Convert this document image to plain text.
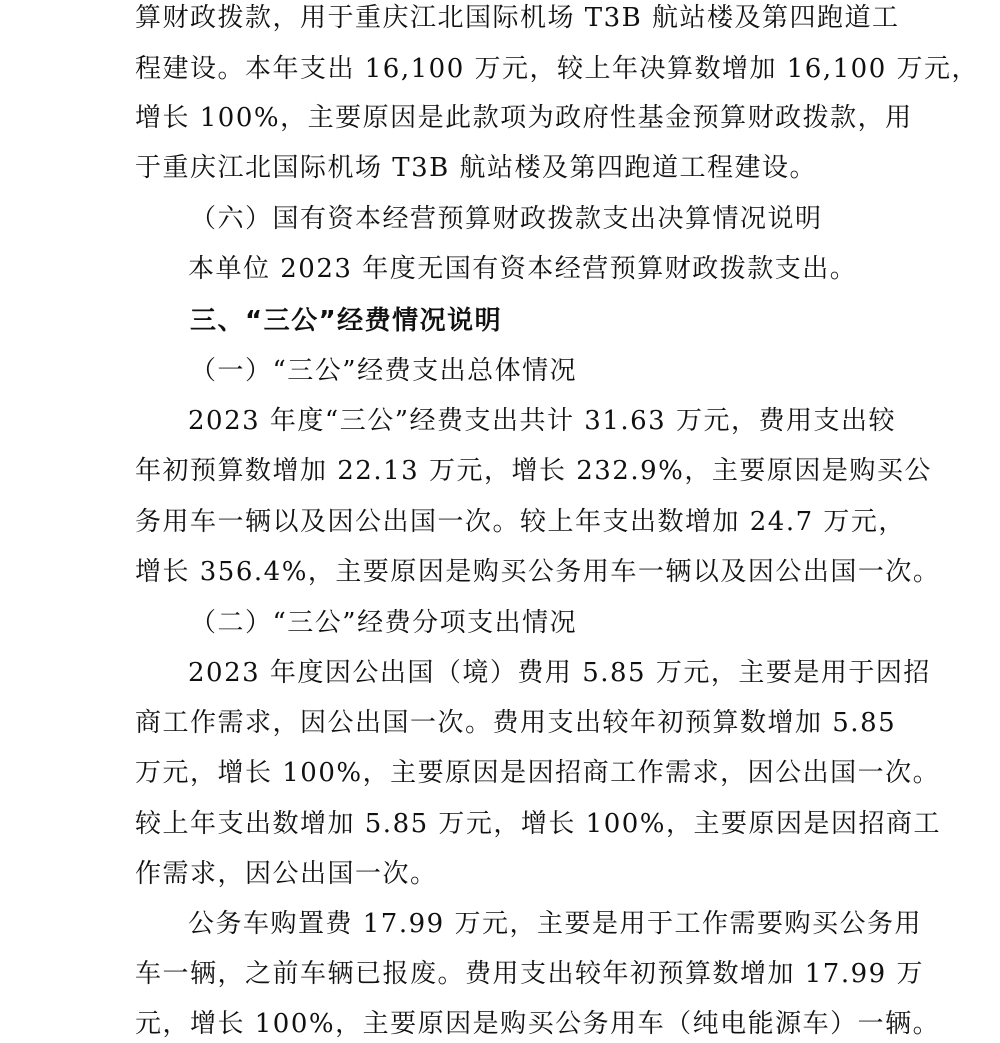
算财政拨款，用于重庆江北国际机场 T3B 航站楼及第四跑道工
程建设。本年支出 16,100 万元，较上年决算数增加 16,100 万元，
增长 100%，主要原因是此款项为政府性基金预算财政拨款，用
于重庆江北国际机场 T3B 航站楼及第四跑道工程建设。
（六）国有资本经营预算财政拨款支出决算情况说明
本单位 2023 年度无国有资本经营预算财政拨款支出。
三、“三公”经费情况说明
（一）“三公”经费支出总体情况
2023 年度“三公”经费支出共计 31.63 万元，费用支出较
年初预算数增加 22.13 万元，增长 232.9%，主要原因是购买公
务用车一辆以及因公出国一次。较上年支出数增加 24.7 万元，
增长 356.4%，主要原因是购买公务用车一辆以及因公出国一次。
（二）“三公”经费分项支出情况
2023 年度因公出国（境）费用 5.85 万元，主要是用于因招
商工作需求，因公出国一次。费用支出较年初预算数增加 5.85
万元，增长 100%，主要原因是因招商工作需求，因公出国一次。
较上年支出数增加 5.85 万元，增长 100%，主要原因是因招商工
作需求，因公出国一次。
公务车购置费 17.99 万元，主要是用于工作需要购买公务用
车一辆，之前车辆已报废。费用支出较年初预算数增加 17.99 万
元，增长 100%，主要原因是购买公务用车（纯电能源车）一辆。
